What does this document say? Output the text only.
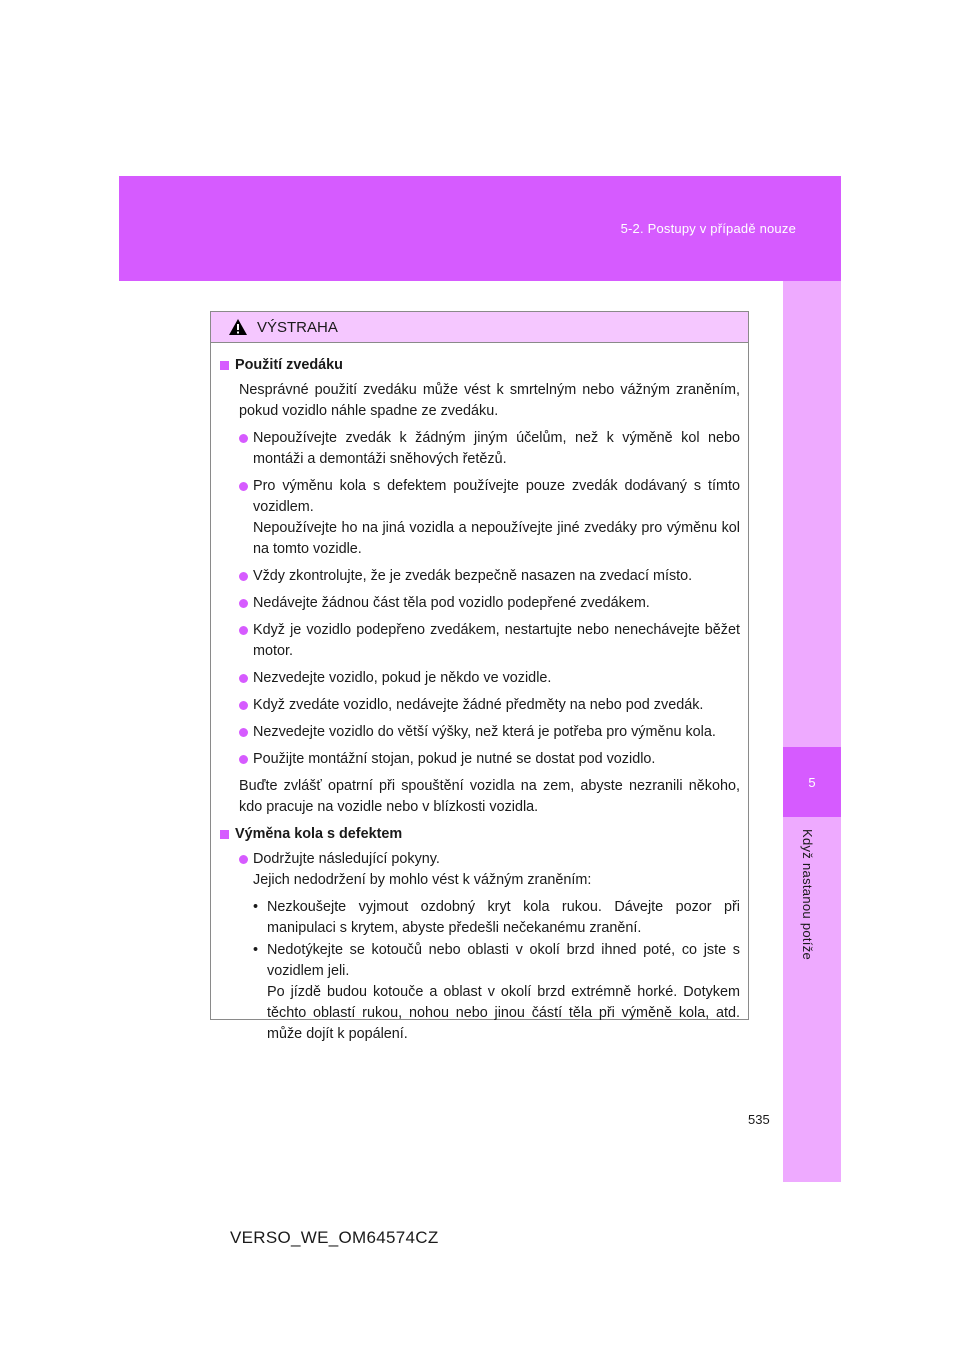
5-2. Postupy v případě nouze
5
Když nastanou potíže
VÝSTRAHA
Použití zvedáku
Nesprávné použití zvedáku může vést k smrtelným nebo vážným zraněním, pokud vozidlo náhle spadne ze zvedáku.
Nepoužívejte zvedák k žádným jiným účelům, než k výměně kol nebo montáži a demontáži sněhových řetězů.
Pro výměnu kola s defektem používejte pouze zvedák dodávaný s tímto vozidlem.
Nepoužívejte ho na jiná vozidla a nepoužívejte jiné zvedáky pro výměnu kol na tomto vozidle.
Vždy zkontrolujte, že je zvedák bezpečně nasazen na zvedací místo.
Nedávejte žádnou část těla pod vozidlo podepřené zvedákem.
Když je vozidlo podepřeno zvedákem, nestartujte nebo nenechávejte běžet motor.
Nezvedejte vozidlo, pokud je někdo ve vozidle.
Když zvedáte vozidlo, nedávejte žádné předměty na nebo pod zvedák.
Nezvedejte vozidlo do větší výšky, než která je potřeba pro výměnu kola.
Použijte montážní stojan, pokud je nutné se dostat pod vozidlo.
Buďte zvlášť opatrní při spouštění vozidla na zem, abyste nezranili někoho, kdo pracuje na vozidle nebo v blízkosti vozidla.
Výměna kola s defektem
Dodržujte následující pokyny.
Jejich nedodržení by mohlo vést k vážným zraněním:
• Nezkoušejte vyjmout ozdobný kryt kola rukou. Dávejte pozor při manipulaci s krytem, abyste předešli nečekanému zranění.
• Nedotýkejte se kotoučů nebo oblasti v okolí brzd ihned poté, co jste s vozidlem jeli.
Po jízdě budou kotouče a oblast v okolí brzd extrémně horké. Dotykem těchto oblastí rukou, nohou nebo jinou částí těla při výměně kola, atd. může dojít k popálení.
535
VERSO_WE_OM64574CZ
